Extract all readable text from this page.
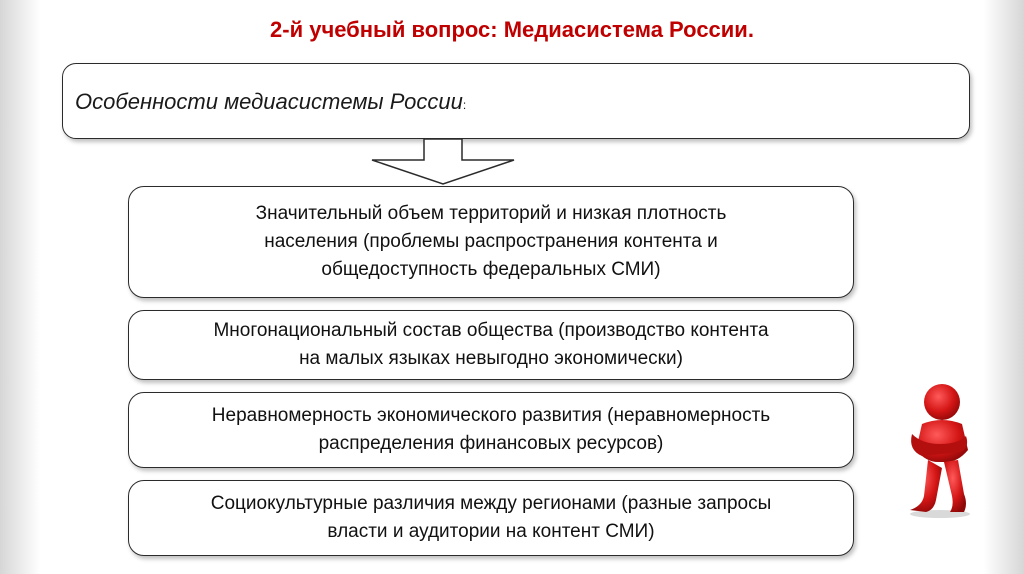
2-й учебный вопрос: Медиасистема России.
Особенности медиасистемы России:
Значительный объем территорий и низкая плотность
населения (проблемы распространения контента и
общедоступность федеральных СМИ)
Многонациональный состав общества (производство контента
на малых языках невыгодно экономически)
Неравномерность экономического развития (неравномерность
распределения финансовых ресурсов)
Социокультурные различия между регионами (разные запросы
власти и аудитории на контент СМИ)
